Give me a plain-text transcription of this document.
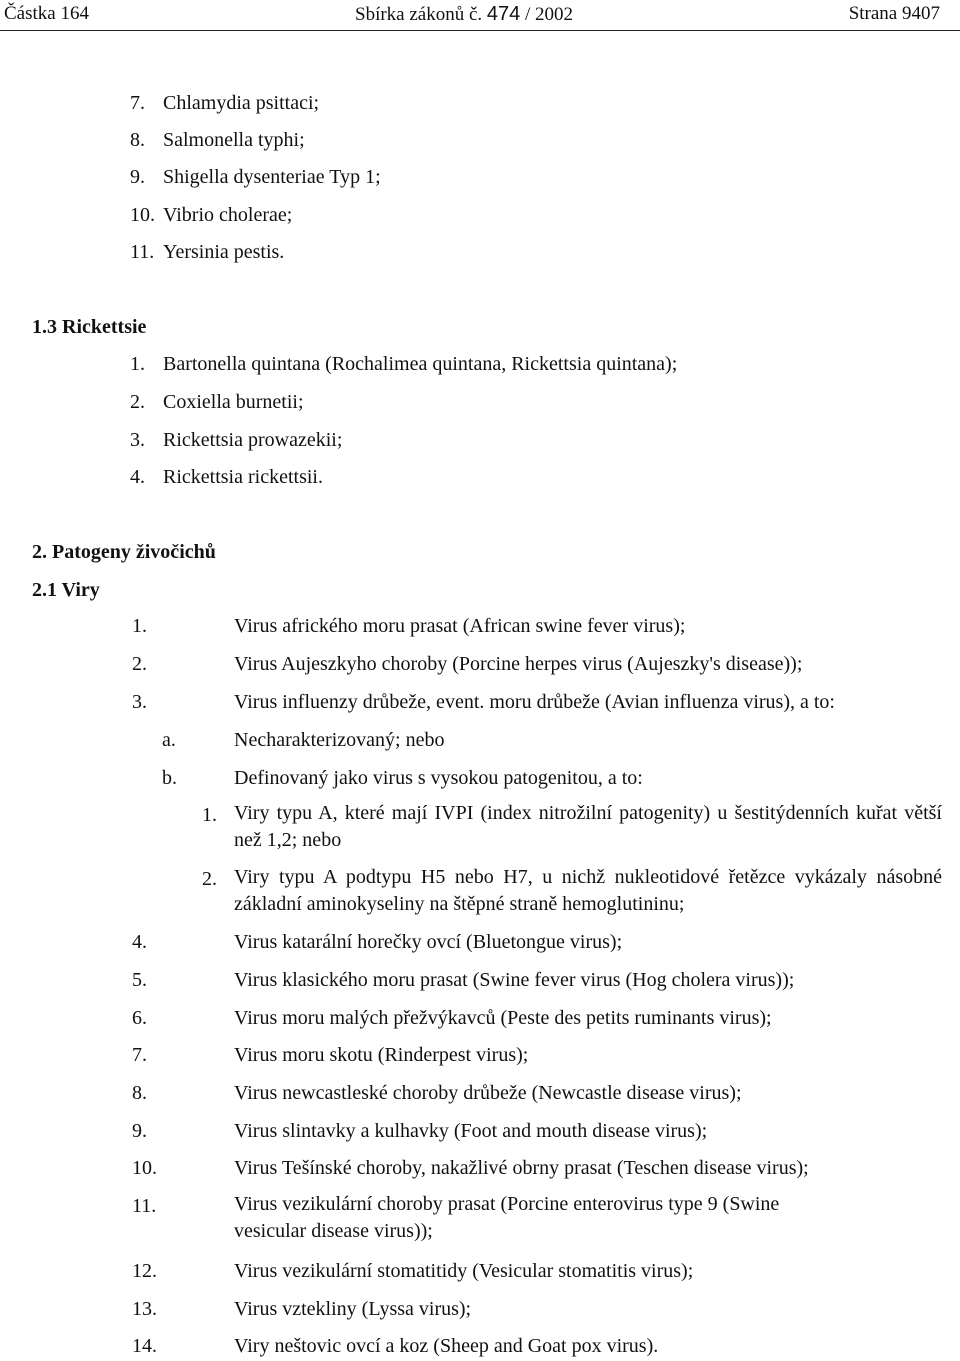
Částka 164	Sbírka zákonů č. 474 / 2002	Strana 9407
7. Chlamydia psittaci;
8. Salmonella typhi;
9. Shigella dysenteriae Typ 1;
10. Vibrio cholerae;
11. Yersinia pestis.
1.3 Rickettsie
1. Bartonella quintana (Rochalimea quintana, Rickettsia quintana);
2. Coxiella burnetii;
3. Rickettsia prowazekii;
4. Rickettsia rickettsii.
2. Patogeny živočichů
2.1 Viry
1.	Virus afrického moru prasat (African swine fever virus);
2.	Virus Aujeszkyho choroby (Porcine herpes virus (Aujeszky's disease));
3.	Virus influenzy drůbeže, event. moru drůbeže (Avian influenza virus), a to:
a.	Necharakterizovaný; nebo
b.	Definovaný jako virus s vysokou patogenitou, a to:
1. Viry typu A, které mají IVPI (index nitrožilní patogenity) u šestitýdenních kuřat větší než 1,2; nebo
2. Viry typu A podtypu H5 nebo H7, u nichž nukleotidové řetězce vykázaly násobné základní aminokyseliny na štěpné straně hemoglutininu;
4.	Virus katarální horečky ovcí (Bluetongue virus);
5.	Virus klasického moru prasat (Swine fever virus (Hog cholera virus));
6.	Virus moru malých přežvýkavců (Peste des petits ruminants virus);
7.	Virus moru skotu (Rinderpest virus);
8.	Virus newcastleské choroby drůbeže (Newcastle disease virus);
9.	Virus slintavky a kulhavky (Foot and mouth disease virus);
10.	Virus Tešínské choroby, nakažlivé obrny prasat (Teschen disease virus);
11.	Virus vezikulární choroby prasat (Porcine enterovirus type 9 (Swine vesicular disease virus));
12.	Virus vezikulární stomatitidy (Vesicular stomatitis virus);
13.	Virus vztekliny (Lyssa virus);
14.	Viry neštovic ovcí a koz (Sheep and Goat pox virus).
